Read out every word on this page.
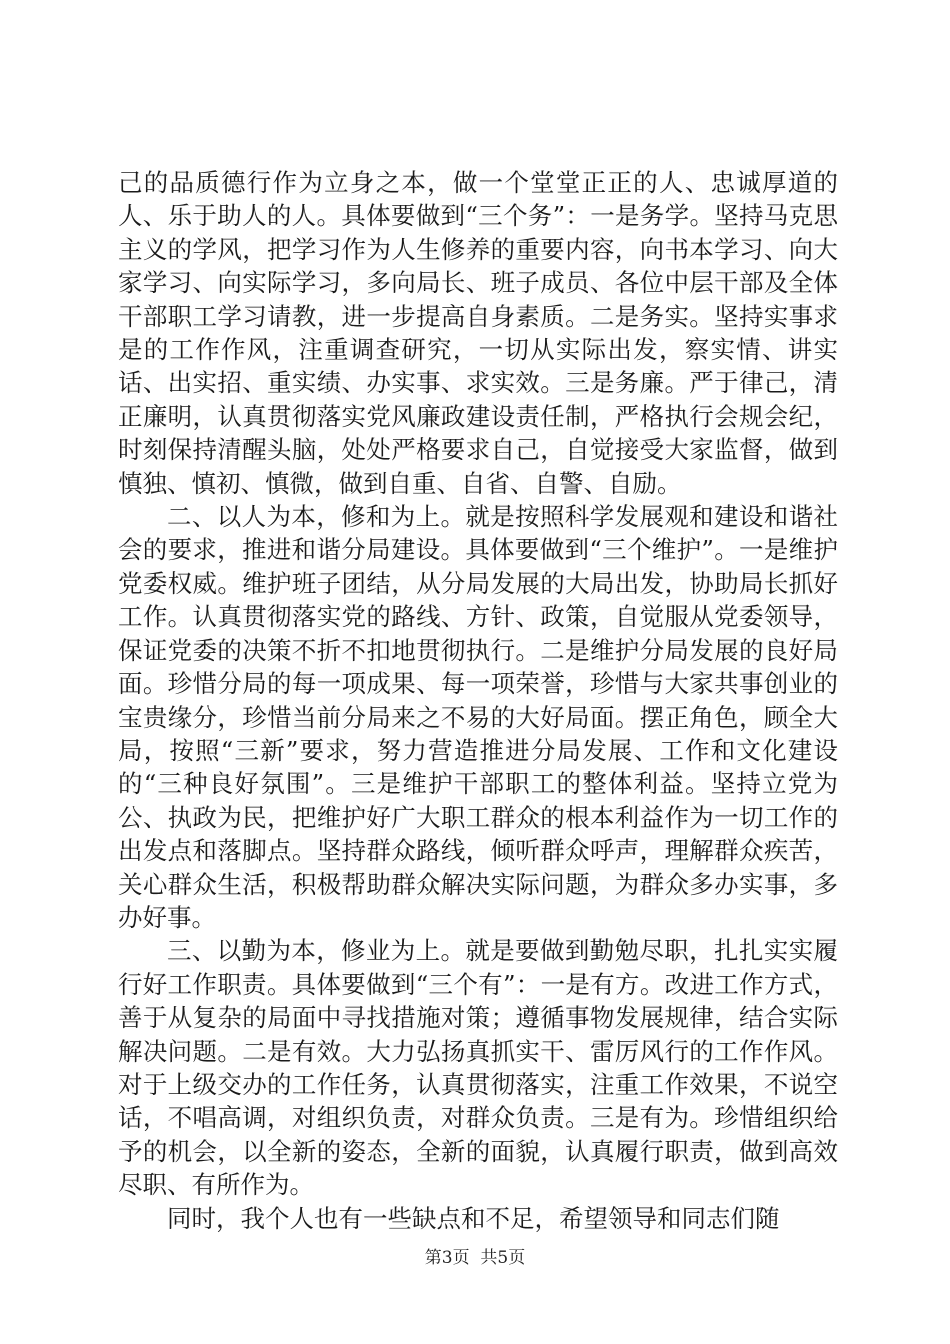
己的品质德行作为立身之本，做一个堂堂正正的人、忠诚厚道的人、乐于助人的人。具体要做到“三个务”：一是务学。坚持马克思主义的学风，把学习作为人生修养的重要内容，向书本学习、向大家学习、向实际学习，多向局长、班子成员、各位中层干部及全体干部职工学习请教，进一步提高自身素质。二是务实。坚持实事求是的工作作风，注重调查研究，一切从实际出发，察实情、讲实话、出实招、重实绩、办实事、求实效。三是务廉。严于律己，清正廉明，认真贯彻落实党风廉政建设责任制，严格执行会规会纪，时刻保持清醒头脑，处处严格要求自己，自觉接受大家监督，做到慎独、慎初、慎微，做到自重、自省、自警、自励。

二、以人为本，修和为上。就是按照科学发展观和建设和谐社会的要求，推进和谐分局建设。具体要做到“三个维护”。一是维护党委权威。维护班子团结，从分局发展的大局出发，协助局长抓好工作。认真贯彻落实党的路线、方针、政策，自觉服从党委领导，保证党委的决策不折不扣地贯彻执行。二是维护分局发展的良好局面。珍惜分局的每一项成果、每一项荣誉，珍惜与大家共事创业的宝贵缘分，珍惜当前分局来之不易的大好局面。摆正角色，顾全大局，按照“三新”要求，努力营造推进分局发展、工作和文化建设的“三种良好氛围”。三是维护干部职工的整体利益。坚持立党为公、执政为民，把维护好广大职工群众的根本利益作为一切工作的出发点和落脚点。坚持群众路线，倾听群众呼声，理解群众疾苦，关心群众生活，积极帮助群众解决实际问题，为群众多办实事，多办好事。

三、以勤为本，修业为上。就是要做到勤勉尽职，扎扎实实履行好工作职责。具体要做到“三个有”：一是有方。改进工作方式，善于从复杂的局面中寻找措施对策；遵循事物发展规律，结合实际解决问题。二是有效。大力弘扬真抓实干、雷厉风行的工作作风。对于上级交办的工作任务，认真贯彻落实，注重工作效果，不说空话，不唱高调，对组织负责，对群众负责。三是有为。珍惜组织给予的机会，以全新的姿态，全新的面貌，认真履行职责，做到高效尽职、有所作为。

同时，我个人也有一些缺点和不足，希望领导和同志们随

第3页  共5页
